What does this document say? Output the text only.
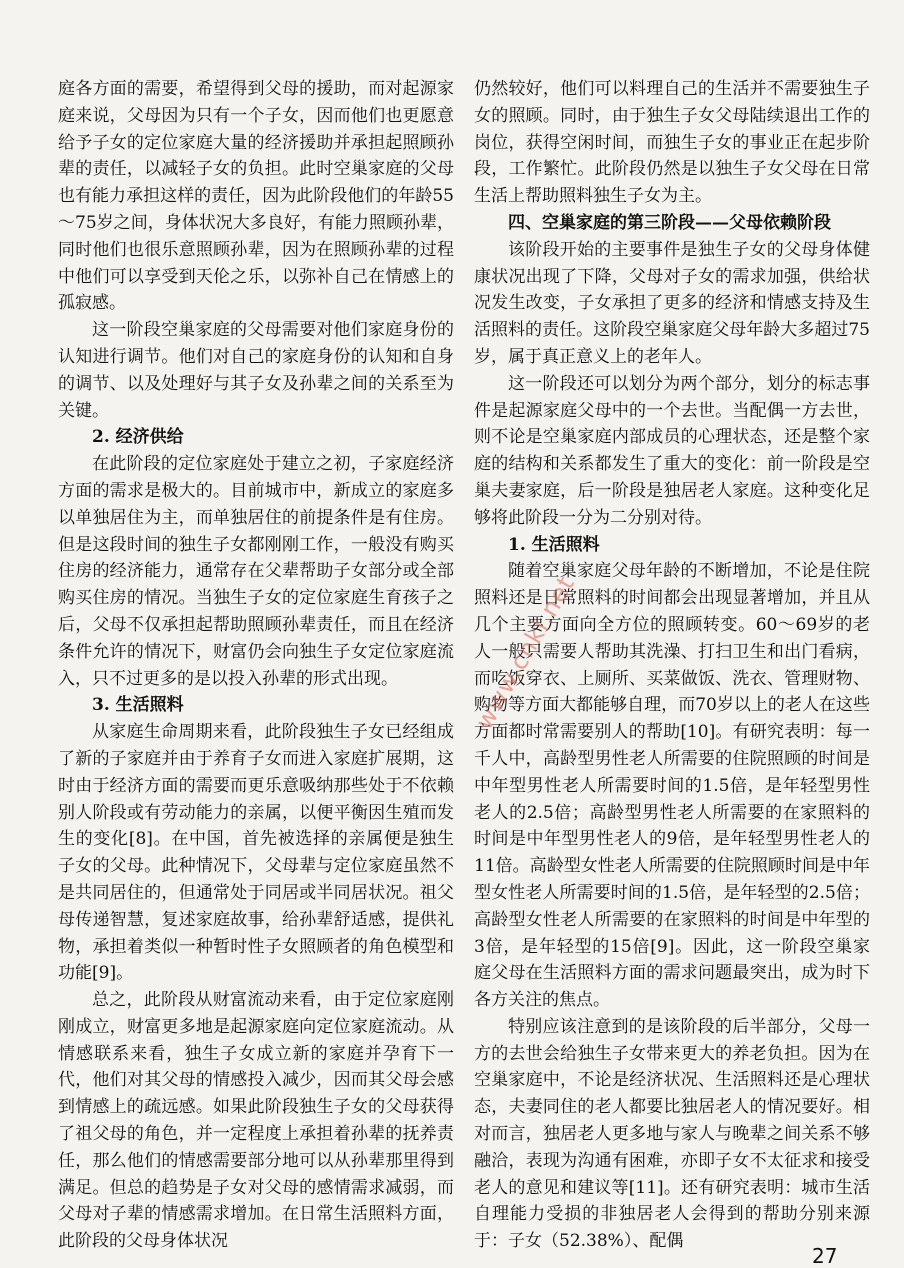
庭各方面的需要，希望得到父母的援助，而对起源家庭来说，父母因为只有一个子女，因而他们也更愿意给予子女的定位家庭大量的经济援助并承担起照顾孙辈的责任，以减轻子女的负担。此时空巢家庭的父母也有能力承担这样的责任，因为此阶段他们的年龄55～75岁之间，身体状况大多良好，有能力照顾孙辈，同时他们也很乐意照顾孙辈，因为在照顾孙辈的过程中他们可以享受到天伦之乐，以弥补自己在情感上的孤寂感。

这一阶段空巢家庭的父母需要对他们家庭身份的认知进行调节。他们对自己的家庭身份的认知和自身的调节、以及处理好与其子女及孙辈之间的关系至为关键。

2. 经济供给

在此阶段的定位家庭处于建立之初，子家庭经济方面的需求是极大的。目前城市中，新成立的家庭多以单独居住为主，而单独居住的前提条件是有住房。但是这段时间的独生子女都刚刚工作，一般没有购买住房的经济能力，通常存在父辈帮助子女部分或全部购买住房的情况。当独生子女的定位家庭生育孩子之后，父母不仅承担起帮助照顾孙辈责任，而且在经济条件允许的情况下，财富仍会向独生子女定位家庭流入，只不过更多的是以投入孙辈的形式出现。

3. 生活照料

从家庭生命周期来看，此阶段独生子女已经组成了新的子家庭并由于养育子女而进入家庭扩展期，这时由于经济方面的需要而更乐意吸纳那些处于不依赖别人阶段或有劳动能力的亲属，以便平衡因生殖而发生的变化[8]。在中国，首先被选择的亲属便是独生子女的父母。此种情况下，父母辈与定位家庭虽然不是共同居住的，但通常处于同居或半同居状况。祖父母传递智慧，复述家庭故事，给孙辈舒适感，提供礼物，承担着类似一种暂时性子女照顾者的角色模型和功能[9]。

总之，此阶段从财富流动来看，由于定位家庭刚刚成立，财富更多地是起源家庭向定位家庭流动。从情感联系来看，独生子女成立新的家庭并孕育下一代，他们对其父母的情感投入减少，因而其父母会感到情感上的疏远感。如果此阶段独生子女的父母获得了祖父母的角色，并一定程度上承担着孙辈的抚养责任，那么他们的情感需要部分地可以从孙辈那里得到满足。但总的趋势是子女对父母的感情需求减弱，而父母对子辈的情感需求增加。在日常生活照料方面，此阶段的父母身体状况

仍然较好，他们可以料理自己的生活并不需要独生子女的照顾。同时，由于独生子女父母陆续退出工作的岗位，获得空闲时间，而独生子女的事业正在起步阶段，工作繁忙。此阶段仍然是以独生子女父母在日常生活上帮助照料独生子女为主。

四、空巢家庭的第三阶段——父母依赖阶段

该阶段开始的主要事件是独生子女的父母身体健康状况出现了下降，父母对子女的需求加强，供给状况发生改变，子女承担了更多的经济和情感支持及生活照料的责任。这阶段空巢家庭父母年龄大多超过75岁，属于真正意义上的老年人。

这一阶段还可以划分为两个部分，划分的标志事件是起源家庭父母中的一个去世。当配偶一方去世，则不论是空巢家庭内部成员的心理状态，还是整个家庭的结构和关系都发生了重大的变化：前一阶段是空巢夫妻家庭，后一阶段是独居老人家庭。这种变化足够将此阶段一分为二分别对待。

1. 生活照料

随着空巢家庭父母年龄的不断增加，不论是住院照料还是日常照料的时间都会出现显著增加，并且从几个主要方面向全方位的照顾转变。60～69岁的老人一般只需要人帮助其洗澡、打扫卫生和出门看病，而吃饭穿衣、上厕所、买菜做饭、洗衣、管理财物、购物等方面大都能够自理，而70岁以上的老人在这些方面都时常需要别人的帮助[10]。有研究表明：每一千人中，高龄型男性老人所需要的住院照顾的时间是中年型男性老人所需要时间的1.5倍，是年轻型男性老人的2.5倍；高龄型男性老人所需要的在家照料的时间是中年型男性老人的9倍，是年轻型男性老人的11倍。高龄型女性老人所需要的住院照顾时间是中年型女性老人所需要时间的1.5倍，是年轻型的2.5倍；高龄型女性老人所需要的在家照料的时间是中年型的3倍，是年轻型的15倍[9]。因此，这一阶段空巢家庭父母在生活照料方面的需求问题最突出，成为时下各方关注的焦点。

特别应该注意到的是该阶段的后半部分，父母一方的去世会给独生子女带来更大的养老负担。因为在空巢家庭中，不论是经济状况、生活照料还是心理状态，夫妻同住的老人都要比独居老人的情况要好。相对而言，独居老人更多地与家人与晚辈之间关系不够融洽，表现为沟通有困难，亦即子女不太征求和接受老人的意见和建议等[11]。还有研究表明：城市生活自理能力受损的非独居老人会得到的帮助分别来源于：子女（52.38%）、配偶

www.cnki.net
27
